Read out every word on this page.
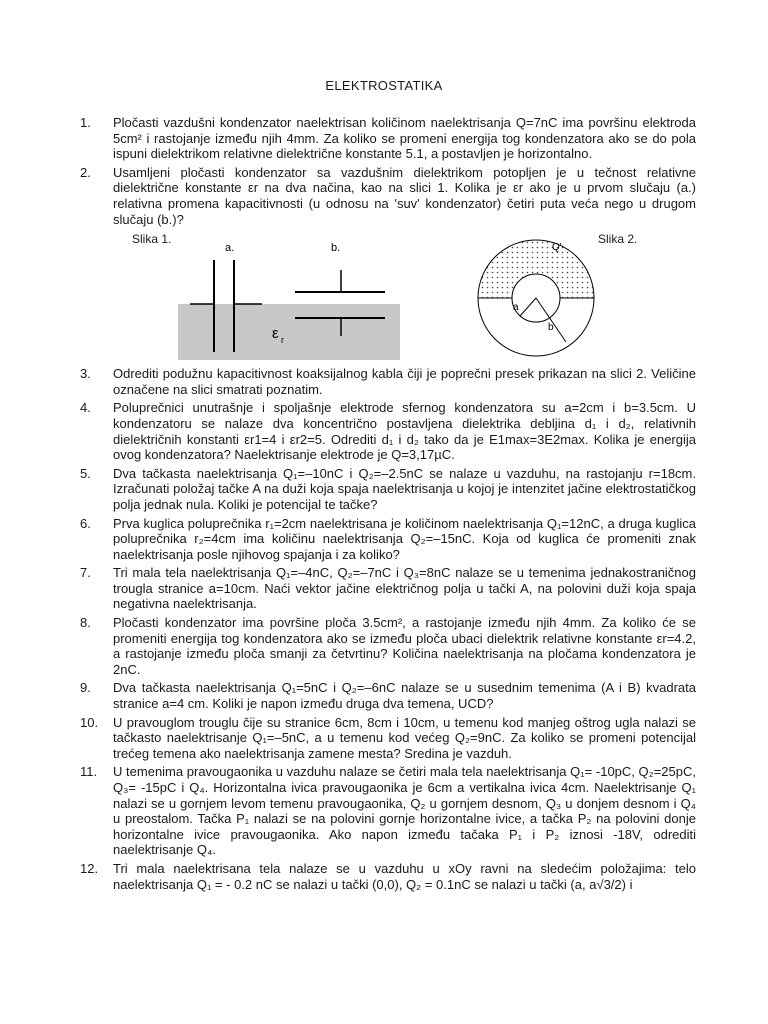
ELEKTROSTATIKA
1.	Pločasti vazdušni kondenzator naelektrisan količinom naelektrisanja Q=7nC ima površinu elektroda 5cm² i rastojanje između njih 4mm. Za koliko se promeni energija tog kondenzatora ako se do pola ispuni dielektrikom relativne dielektrične konstante 5.1, a postavljen je horizontalno.
2.	Usamljeni pločasti kondenzator sa vazdušnim dielektrikom potopljen je u tečnost relativne dielektrične konstante εr na dva načina, kao na slici 1. Kolika je εr ako je u prvom slučaju (a.) relativna promena kapacitivnosti (u odnosu na 'suv' kondenzator) četiri puta veća nego u drugom slučaju (b.)?
Slika 1.	Slika 2.
a.	b.
ε r
a
b
Q'
3.	Odrediti podužnu kapacitivnost koaksijalnog kabla čiji je poprečni presek prikazan na slici 2. Veličine označene na slici smatrati poznatim.
4.	Poluprečnici unutrašnje i spoljašnje elektrode sfernog kondenzatora su a=2cm i b=3.5cm. U kondenzatoru se nalaze dva koncentrično postavljena dielektrika debljina d₁ i d₂, relativnih dielektričnih konstanti εr1=4 i εr2=5. Odrediti d₁ i d₂ tako da je E1max=3E2max. Kolika je energija ovog kondenzatora? Naelektrisanje elektrode je Q=3,17µC.
5.	Dva tačkasta naelektrisanja Q₁=–10nC i Q₂=–2.5nC se nalaze u vazduhu, na rastojanju r=18cm. Izračunati položaj tačke A na duži koja spaja naelektrisanja u kojoj je intenzitet jačine elektrostatičkog polja jednak nula. Koliki je potencijal te tačke?
6.	Prva kuglica poluprečnika r₁=2cm naelektrisana je količinom naelektrisanja Q₁=12nC, a druga kuglica poluprečnika r₂=4cm ima količinu naelektrisanja Q₂=–15nC. Koja od kuglica će promeniti znak naelektrisanja posle njihovog spajanja i za koliko?
7.	Tri mala tela naelektrisanja Q₁=–4nC, Q₂=–7nC i Q₃=8nC nalaze se u temenima jednakostraničnog trougla stranice a=10cm. Naći vektor jačine električnog polja u tački A, na polovini duži koja spaja negativna naelektrisanja.
8.	Pločasti kondenzator ima površine ploča 3.5cm², a rastojanje između njih 4mm. Za koliko će se promeniti energija tog kondenzatora ako se između ploča ubaci dielektrik relativne konstante εr=4.2, a rastojanje između ploča smanji za četvrtinu? Količina naelektrisanja na pločama kondenzatora je 2nC.
9.	Dva tačkasta naelektrisanja Q₁=5nC i Q₂=–6nC nalaze se u susednim temenima (A i B) kvadrata stranice a=4 cm. Koliki je napon između druga dva temena, UCD?
10.	U pravouglom trouglu čije su stranice 6cm, 8cm i 10cm, u temenu kod manjeg oštrog ugla nalazi se tačkasto naelektrisanje Q₁=–5nC, a u temenu kod većeg Q₂=9nC. Za koliko se promeni potencijal trećeg temena ako naelektrisanja zamene mesta? Sredina je vazduh.
11.	U temenima pravougaonika u vazduhu nalaze se četiri mala tela naelektrisanja Q₁= -10pC, Q₂=25pC, Q₃= -15pC i Q₄. Horizontalna ivica pravougaonika je 6cm a vertikalna ivica 4cm. Naelektrisanje Q₁ nalazi se u gornjem levom temenu pravougaonika, Q₂ u gornjem desnom, Q₃ u donjem desnom i Q₄ u preostalom. Tačka P₁ nalazi se na polovini gornje horizontalne ivice, a tačka P₂ na polovini donje horizontalne ivice pravougaonika. Ako napon između tačaka P₁ i P₂ iznosi -18V, odrediti naelektrisanje Q₄.
12.	Tri mala naelektrisana tela nalaze se u vazduhu u xOy ravni na sledećim položajima: telo naelektrisanja Q₁ = - 0.2 nC se nalazi u tački (0,0), Q₂ = 0.1nC se nalazi u tački (a, a√3/2) i
